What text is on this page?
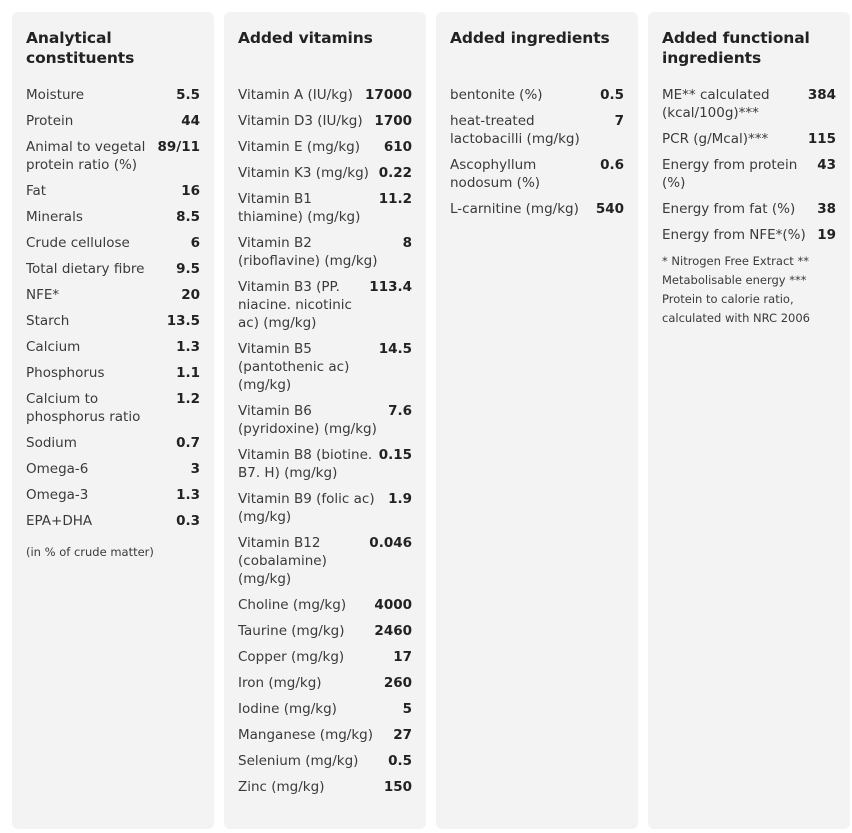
Analytical constituents
Moisture	5.5
Protein	44
Animal to vegetal protein ratio (%)
89/11
Fat	16
Minerals	8.5
Crude cellulose	6
Total dietary fibre	9.5
NFE*	20
Starch	13.5
Calcium	1.3
Phosphorus	1.1
Calcium to phosphorus ratio
1.2
Sodium	0.7
Omega-6	3
Omega-3	1.3
EPA+DHA	0.3
(in % of crude matter)
Added vitamins
Vitamin A (IU/kg) 17000
Vitamin D3 (IU/kg) 1700
Vitamin E (mg/kg)	610
Vitamin K3 (mg/kg) 0.22
Vitamin B1 thiamine) (mg/kg)
11.2
Vitamin B2 (riboflavine) (mg/kg)
8
Vitamin B3 (PP. niacine. nicotinic ac) (mg/kg)
113.4
Vitamin B5 (pantothenic ac) (mg/kg)
14.5
Vitamin B6 (pyridoxine) (mg/kg)
7.6
Vitamin B8 (biotine. B7. H) (mg/kg)
0.15
Vitamin B9 (folic ac) (mg/kg)
1.9
Vitamin B12 (cobalamine) (mg/kg)
0.046
Choline (mg/kg)	4000
Taurine (mg/kg)	2460
Copper (mg/kg)	17
Iron (mg/kg)	260
Iodine (mg/kg)	5
Manganese (mg/kg)	27
Selenium (mg/kg)	0.5
Zinc (mg/kg)	150
Added ingredients
bentonite (%)	0.5
heat-treated lactobacilli (mg/kg)
7
Ascophyllum nodosum (%)
0.6
L-carnitine (mg/kg)	540
Added functional ingredients
ME** calculated (kcal/100g)***
384
PCR (g/Mcal)***	115
Energy from protein (%)
43
Energy from fat (%)	38
Energy from NFE*(%) 19
* Nitrogen Free Extract ** Metabolisable energy *** Protein to calorie ratio, calculated with NRC 2006
